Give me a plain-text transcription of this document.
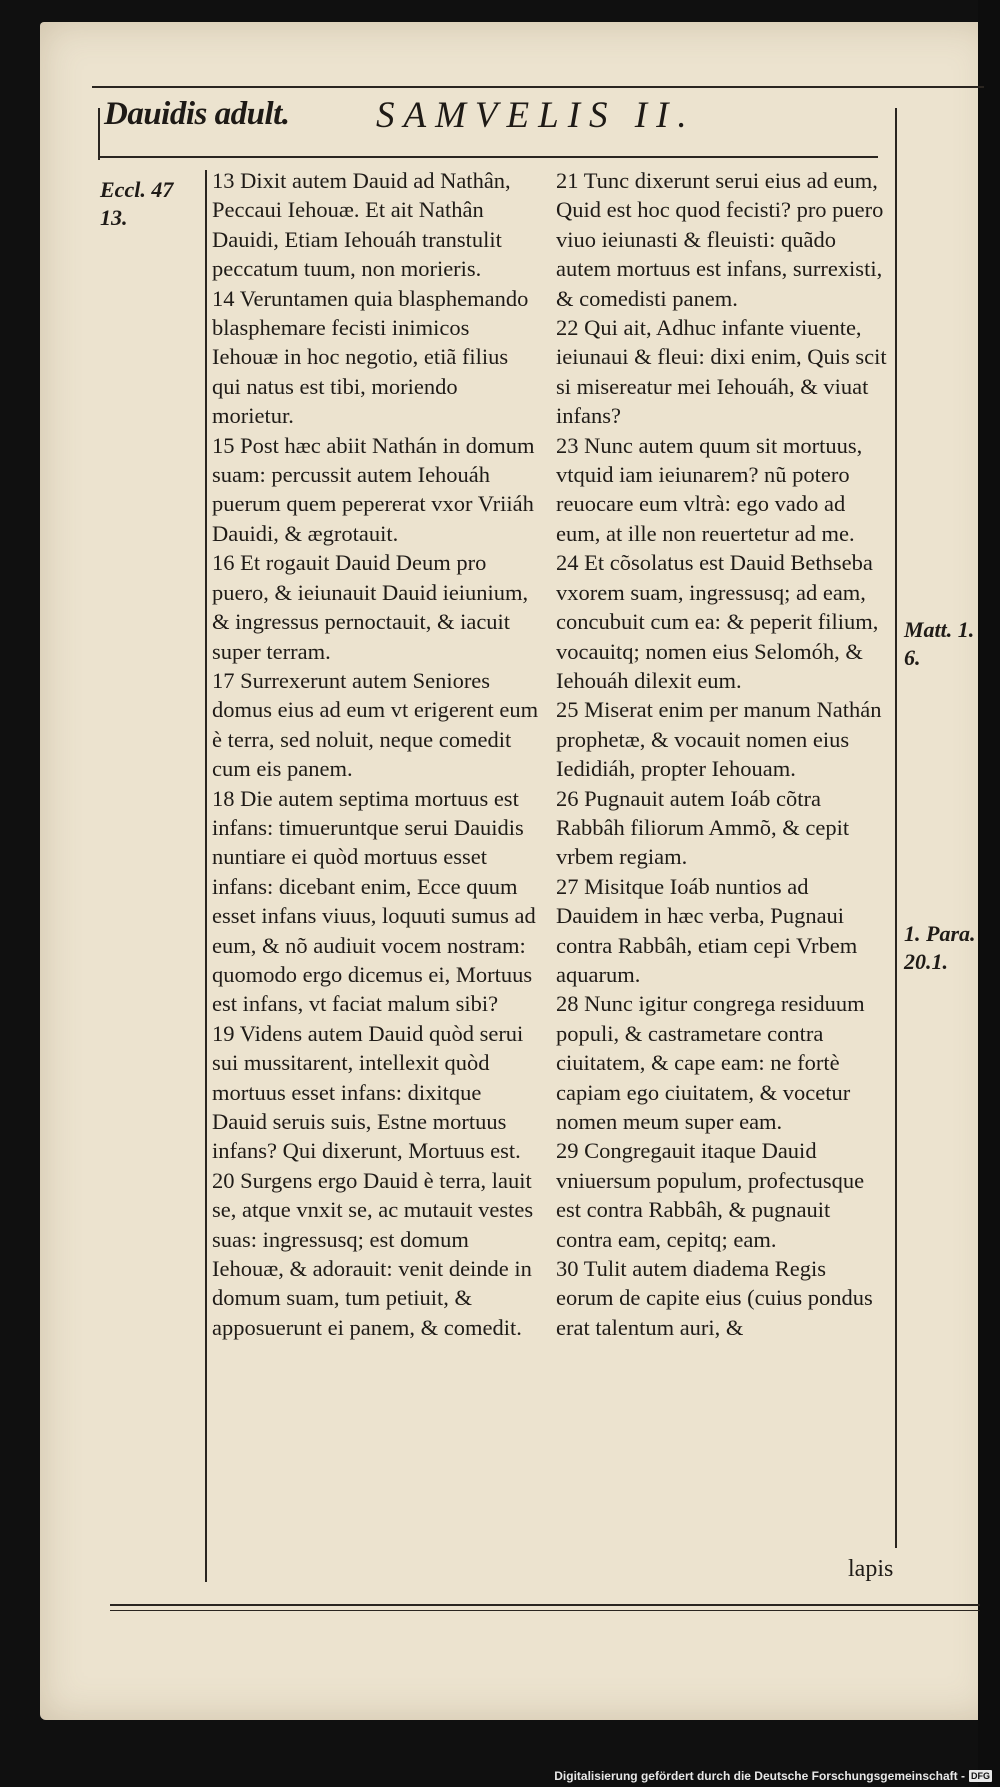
Dauidis adult. SAMVELIS II.
Eccl. 47 13.
Matt. 1. 6.
1. Para. 20.1.

13 Dixit autem Dauid ad Nathân, Peccaui Iehouæ. Et ait Nathân Dauidi, Etiam Iehouáh transtulit peccatum tuum, non morieris.

14 Veruntamen quia blasphemando blasphemare fecisti inimicos Iehouæ in hoc negotio, etiã filius qui natus est tibi, moriendo morietur.

15 Post hæc abiit Nathán in domum suam: percussit autem Iehouáh puerum quem pepererat vxor Vriiáh Dauidi, & ægrotauit.

16 Et rogauit Dauid Deum pro puero, & ieiunauit Dauid ieiunium, & ingressus pernoctauit, & iacuit super terram.

17 Surrexerunt autem Seniores domus eius ad eum vt erigerent eum è terra, sed noluit, neque comedit cum eis panem.

18 Die autem septima mortuus est infans: timueruntque serui Dauidis nuntiare ei quòd mortuus esset infans: dicebant enim, Ecce quum esset infans viuus, loquuti sumus ad eum, & nõ audiuit vocem nostram: quomodo ergo dicemus ei, Mortuus est infans, vt faciat malum sibi?

19 Videns autem Dauid quòd serui sui mussitarent, intellexit quòd mortuus esset infans: dixitque Dauid seruis suis, Estne mortuus infans? Qui dixerunt, Mortuus est.

20 Surgens ergo Dauid è terra, lauit se, atque vnxit se, ac mutauit vestes suas: ingressusq; est domum Iehouæ, & adorauit: venit deinde in domum suam, tum petiuit, & apposuerunt ei panem, & comedit.

21 Tunc dixerunt serui eius ad eum, Quid est hoc quod fecisti? pro puero viuo ieiunasti & fleuisti: quãdo autem mortuus est infans, surrexisti, & comedisti panem.

22 Qui ait, Adhuc infante viuente, ieiunaui & fleui: dixi enim, Quis scit si misereatur mei Iehouáh, & viuat infans?

23 Nunc autem quum sit mortuus, vtquid iam ieiunarem? nũ potero reuocare eum vltrà: ego vado ad eum, at ille non reuertetur ad me.

24 Et cõsolatus est Dauid Bethseba vxorem suam, ingressusq; ad eam, concubuit cum ea: & peperit filium, vocauitq; nomen eius Selomóh, & Iehouáh dilexit eum.

25 Miserat enim per manum Nathán prophetæ, & vocauit nomen eius Iedidiáh, propter Iehouam.

26 Pugnauit autem Ioáb cõtra Rabbâh filiorum Ammõ, & cepit vrbem regiam.

27 Misitque Ioáb nuntios ad Dauidem in hæc verba, Pugnaui contra Rabbâh, etiam cepi Vrbem aquarum.

28 Nunc igitur congrega residuum populi, & castrametare contra ciuitatem, & cape eam: ne fortè capiam ego ciuitatem, & vocetur nomen meum super eam.

29 Congregauit itaque Dauid vniuersum populum, profectusque est contra Rabbâh, & pugnauit contra eam, cepitq; eam.

30 Tulit autem diadema Regis eorum de capite eius (cuius pondus erat talentum auri, &

lapis
Digitalisierung gefördert durch die Deutsche Forschungsgemeinschaft - DFG
